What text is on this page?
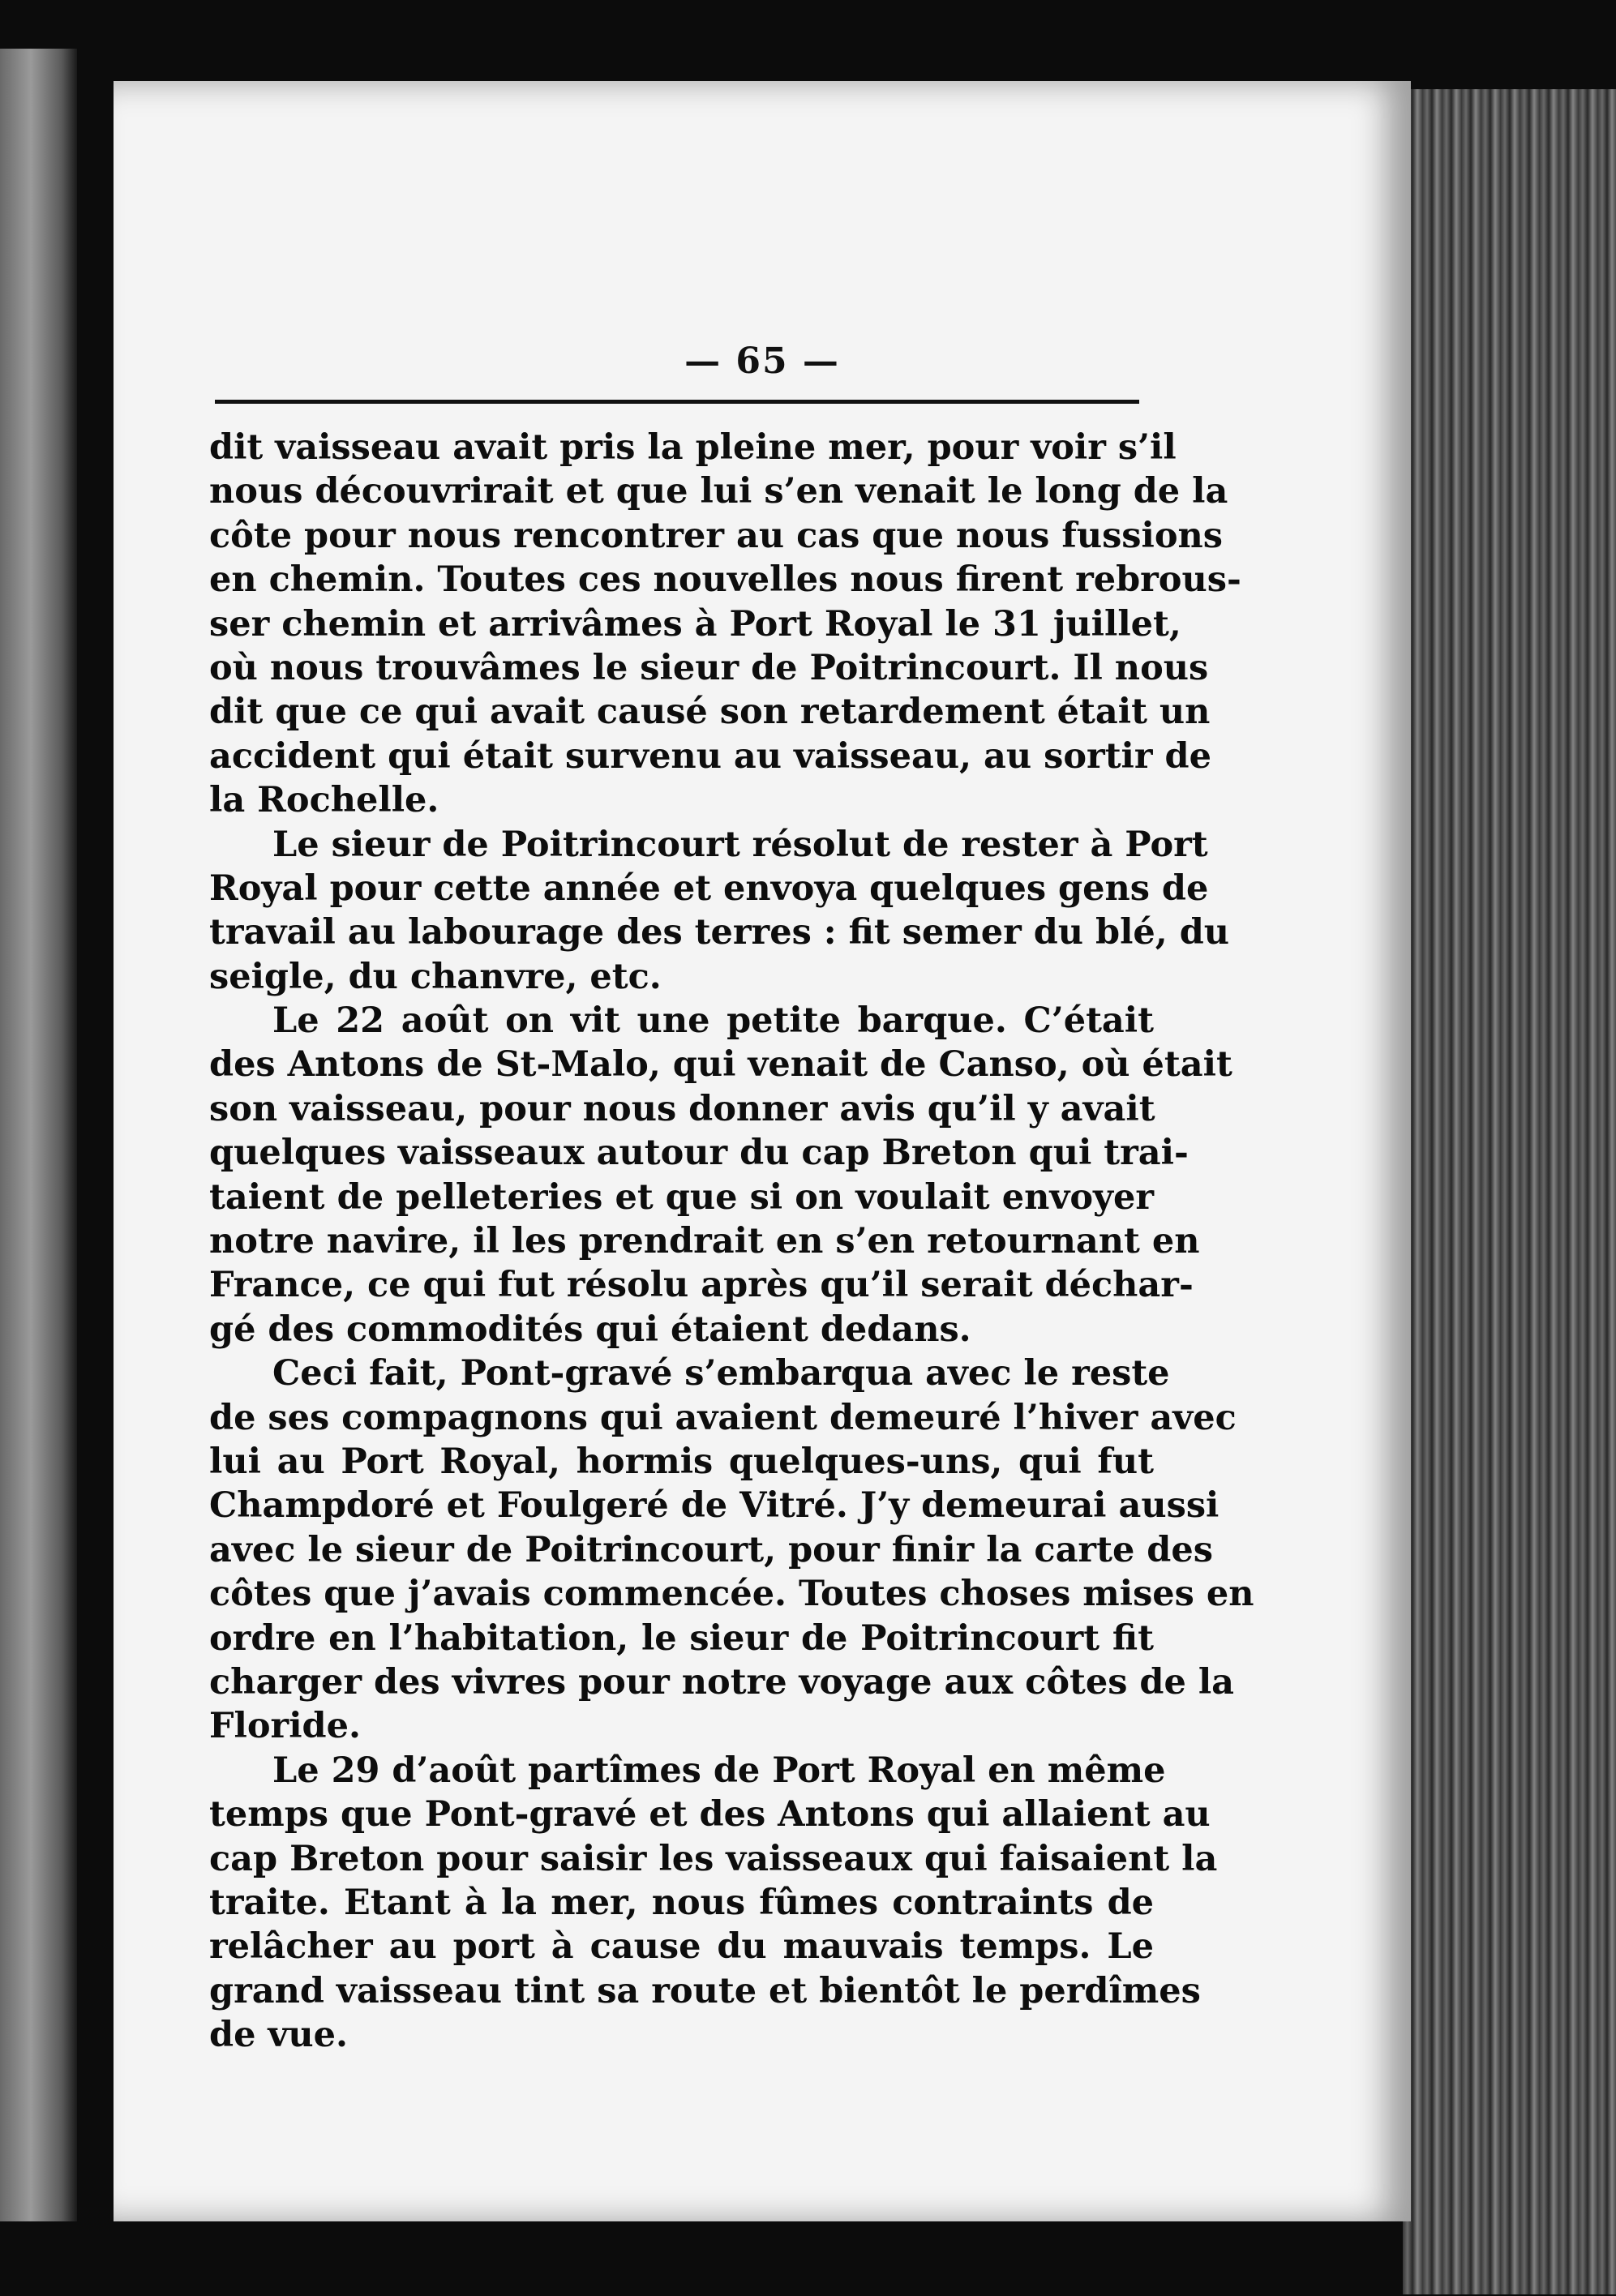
— 65 —
dit vaisseau avait pris la pleine mer, pour voir s’il
nous découvrirait et que lui s’en venait le long de la
côte pour nous rencontrer au cas que nous fussions
en chemin. Toutes ces nouvelles nous firent rebrous-
ser chemin et arrivâmes à Port Royal le 31 juillet,
où nous trouvâmes le sieur de Poitrincourt. Il nous
dit que ce qui avait causé son retardement était un
accident qui était survenu au vaisseau, au sortir de
la Rochelle.
Le sieur de Poitrincourt résolut de rester à Port
Royal pour cette année et envoya quelques gens de
travail au labourage des terres : fit semer du blé, du
seigle, du chanvre, etc.
Le 22 août on vit une petite barque. C’était
des Antons de St-Malo, qui venait de Canso, où était
son vaisseau, pour nous donner avis qu’il y avait
quelques vaisseaux autour du cap Breton qui trai-
taient de pelleteries et que si on voulait envoyer
notre navire, il les prendrait en s’en retournant en
France, ce qui fut résolu après qu’il serait déchar-
gé des commodités qui étaient dedans.
Ceci fait, Pont-gravé s’embarqua avec le reste
de ses compagnons qui avaient demeuré l’hiver avec
lui au Port Royal, hormis quelques-uns, qui fut
Champdoré et Foulgeré de Vitré. J’y demeurai aussi
avec le sieur de Poitrincourt, pour finir la carte des
côtes que j’avais commencée. Toutes choses mises en
ordre en l’habitation, le sieur de Poitrincourt fit
charger des vivres pour notre voyage aux côtes de la
Floride.
Le 29 d’août partîmes de Port Royal en même
temps que Pont-gravé et des Antons qui allaient au
cap Breton pour saisir les vaisseaux qui faisaient la
traite. Etant à la mer, nous fûmes contraints de
relâcher au port à cause du mauvais temps. Le
grand vaisseau tint sa route et bientôt le perdîmes
de vue.
